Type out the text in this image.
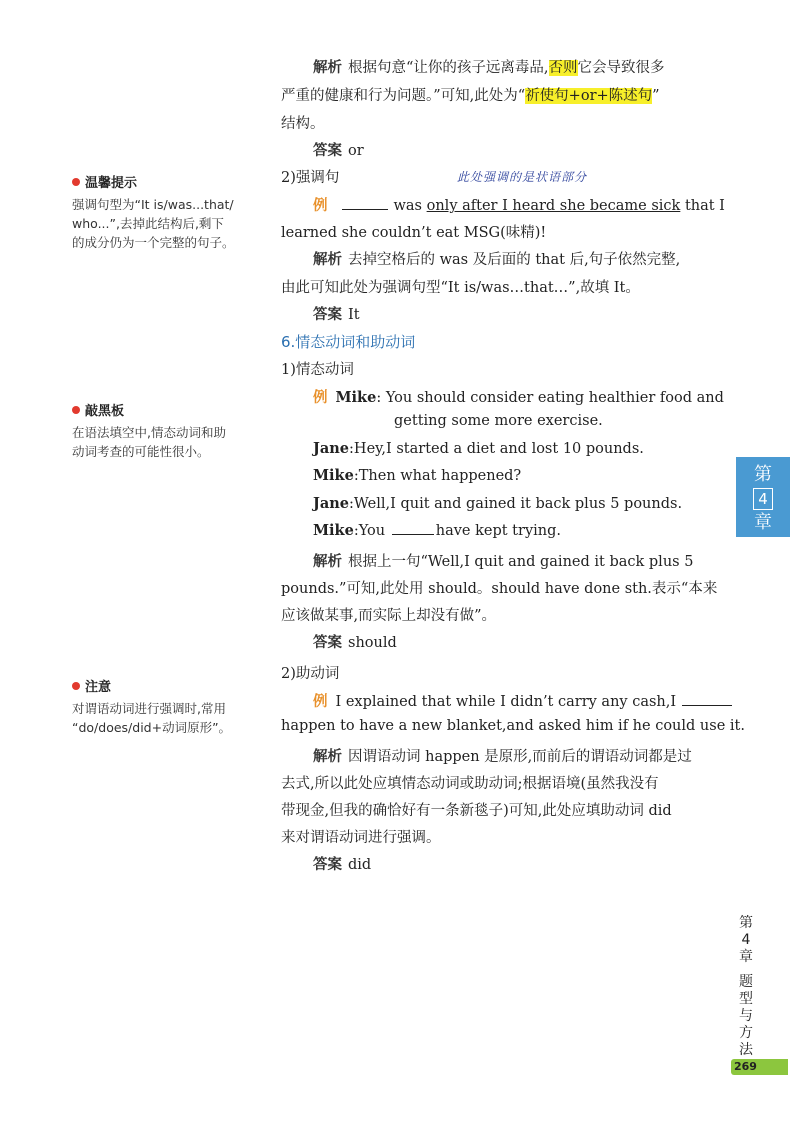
温馨提示
强调句型为“It is/was...that/
who...”,去掉此结构后,剩下
的成分仍为一个完整的句子。
敲黑板
在语法填空中,情态动词和助
动词考查的可能性很小。
注意
对谓语动词进行强调时,常用
“do/does/did+动词原形”。
解析 根据句意“让你的孩子远离毒品,否则它会导致很多
严重的健康和行为问题。”可知,此处为“祈使句+or+陈述句”
结构。
答案 or
2)强调句	此处强调的是状语部分
例	was only after I heard she became sick that I
learned she couldn’t eat MSG(味精)!
解析 去掉空格后的 was 及后面的 that 后,句子依然完整,
由此可知此处为强调句型“It is/was…that…”,故填 It。
答案 It
6.情态动词和助动词
1)情态动词
例 Mike: You should consider eating healthier food and
getting some more exercise.
Jane:Hey,I started a diet and lost 10 pounds.
Mike:Then what happened?
Jane:Well,I quit and gained it back plus 5 pounds.
Mike:You	have kept trying.
解析 根据上一句“Well,I quit and gained it back plus 5
pounds.”可知,此处用 should。should have done sth.表示“本来
应该做某事,而实际上却没有做”。
答案 should
2)助动词
例 I explained that while I didn’t carry any cash,I
happen to have a new blanket,and asked him if he could use it.
解析 因谓语动词 happen 是原形,而前后的谓语动词都是过
去式,所以此处应填情态动词或助动词;根据语境(虽然我没有
带现金,但我的确恰好有一条新毯子)可知,此处应填助动词 did
来对谓语动词进行强调。
答案 did
第
4
章
第
4
章
题
型
与
方
法
269
